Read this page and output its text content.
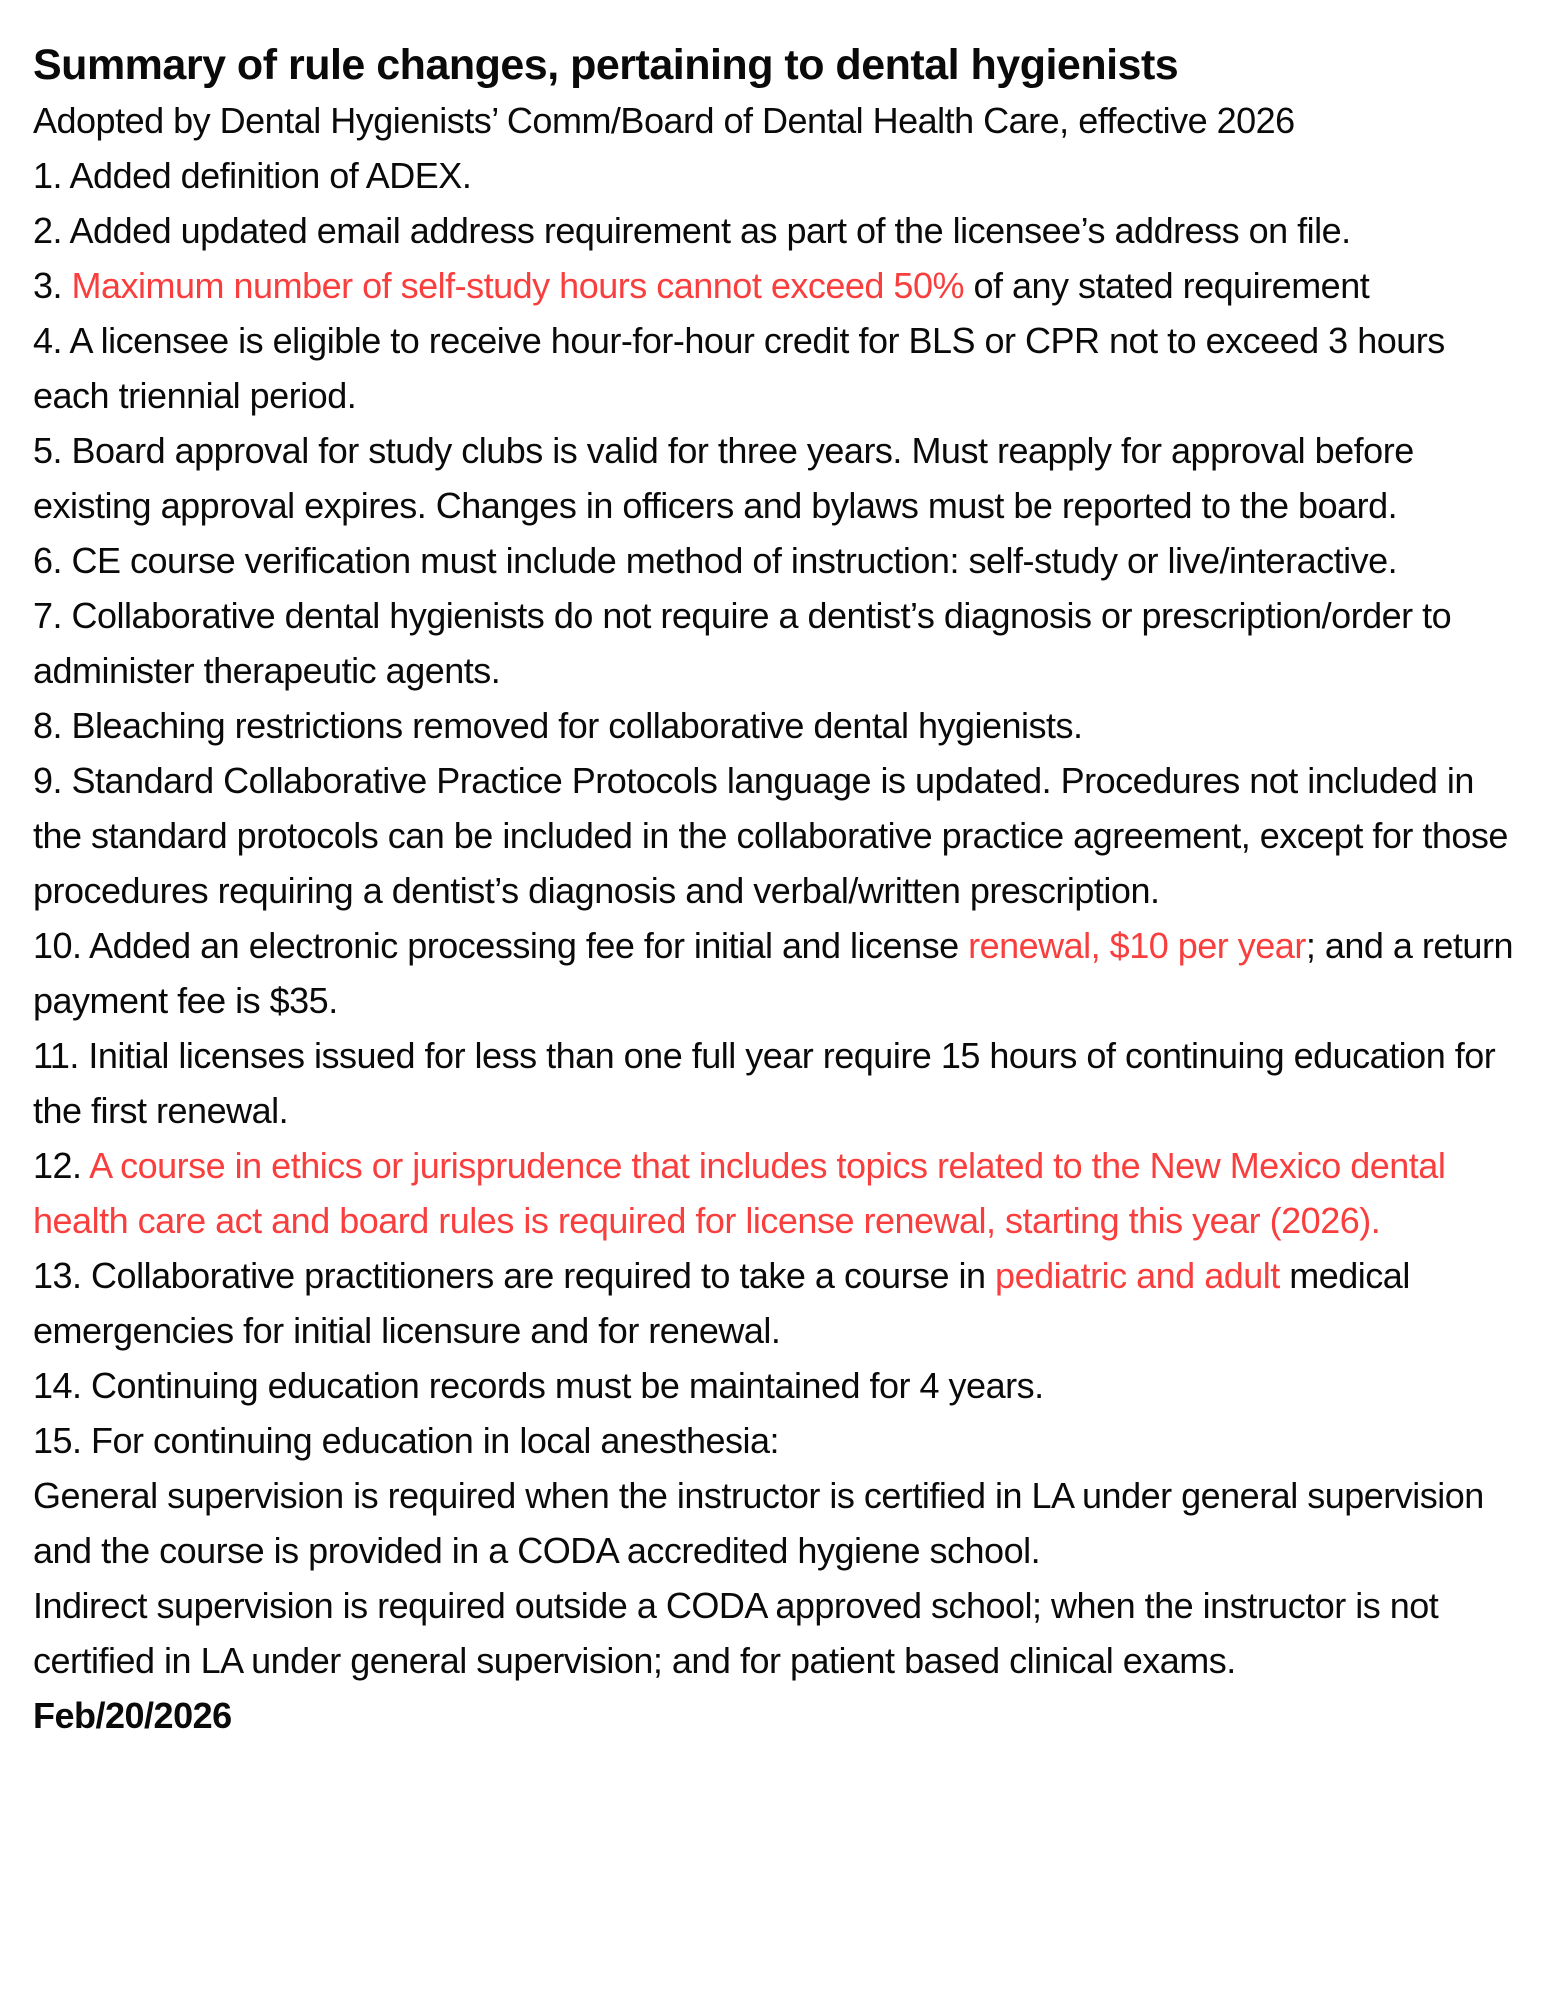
Summary of rule changes, pertaining to dental hygienists

Adopted by Dental Hygienists’ Comm/Board of Dental Health Care, effective 2026

1. Added definition of ADEX.

2. Added updated email address requirement as part of the licensee’s address on file.

3. Maximum number of self-study hours cannot exceed 50% of any stated requirement

4. A licensee is eligible to receive hour-for-hour credit for BLS or CPR not to exceed 3 hours each triennial period.

5. Board approval for study clubs is valid for three years. Must reapply for approval before existing approval expires. Changes in officers and bylaws must be reported to the board.

6. CE course verification must include method of instruction: self-study or live/interactive.

7. Collaborative dental hygienists do not require a dentist’s diagnosis or prescription/order to administer therapeutic agents.

8. Bleaching restrictions removed for collaborative dental hygienists.

9. Standard Collaborative Practice Protocols language is updated. Procedures not included in the standard protocols can be included in the collaborative practice agreement, except for those procedures requiring a dentist’s diagnosis and verbal/written prescription.

10. Added an electronic processing fee for initial and license renewal, $10 per year; and a return payment fee is $35.

11. Initial licenses issued for less than one full year require 15 hours of continuing education for the first renewal.

12. A course in ethics or jurisprudence that includes topics related to the New Mexico dental health care act and board rules is required for license renewal, starting this year (2026).

13. Collaborative practitioners are required to take a course in pediatric and adult medical emergencies for initial licensure and for renewal.

14. Continuing education records must be maintained for 4 years.

15. For continuing education in local anesthesia:

General supervision is required when the instructor is certified in LA under general supervision and the course is provided in a CODA accredited hygiene school.

Indirect supervision is required outside a CODA approved school; when the instructor is not certified in LA under general supervision; and for patient based clinical exams.

Feb/20/2026
